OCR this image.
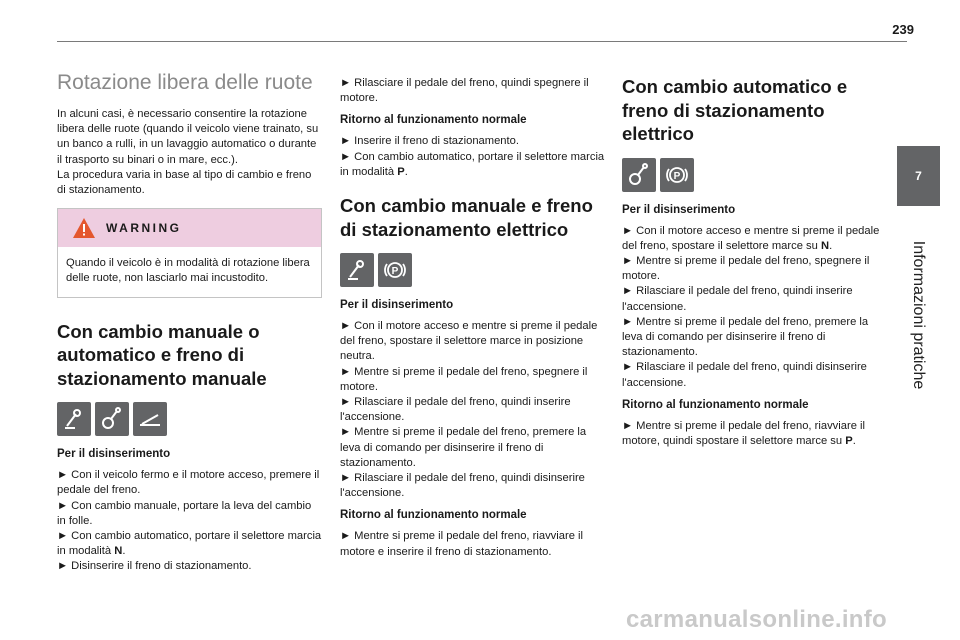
239
7
Informazioni pratiche
Rotazione libera delle ruote

In alcuni casi, è necessario consentire la rotazione libera delle ruote (quando il veicolo viene trainato, su un banco a rulli, in un lavaggio automatico o durante il trasporto su binari o in mare, ecc.).

La procedura varia in base al tipo di cambio e freno di stazionamento.

WARNING
Quando il veicolo è in modalità di rotazione libera delle ruote, non lasciarlo mai incustodito.
Con cambio manuale o automatico e freno di stazionamento manuale
Per il disinserimento

► Con il veicolo fermo e il motore acceso, premere il pedale del freno.

► Con cambio manuale, portare la leva del cambio in folle.

► Con cambio automatico, portare il selettore marcia in modalità N.

► Disinserire il freno di stazionamento.

► Rilasciare il pedale del freno, quindi spegnere il motore.

Ritorno al funzionamento normale

► Inserire il freno di stazionamento.

► Con cambio automatico, portare il selettore marcia in modalità P.

Con cambio manuale e freno di stazionamento elettrico
P
Per il disinserimento

► Con il motore acceso e mentre si preme il pedale del freno, spostare il selettore marce in posizione neutra.

► Mentre si preme il pedale del freno, spegnere il motore.

► Rilasciare il pedale del freno, quindi inserire l'accensione.

► Mentre si preme il pedale del freno, premere la leva di comando per disinserire il freno di stazionamento.

► Rilasciare il pedale del freno, quindi disinserire l'accensione.

Ritorno al funzionamento normale

► Mentre si preme il pedale del freno, riavviare il motore e inserire il freno di stazionamento.

Con cambio automatico e freno di stazionamento elettrico
P
Per il disinserimento

► Con il motore acceso e mentre si preme il pedale del freno, spostare il selettore marce su N.

► Mentre si preme il pedale del freno, spegnere il motore.

► Rilasciare il pedale del freno, quindi inserire l'accensione.

► Mentre si preme il pedale del freno, premere la leva di comando per disinserire il freno di stazionamento.

► Rilasciare il pedale del freno, quindi disinserire l'accensione.

Ritorno al funzionamento normale

► Mentre si preme il pedale del freno, riavviare il motore, quindi spostare il selettore marce su P.

carmanualsonline.info
